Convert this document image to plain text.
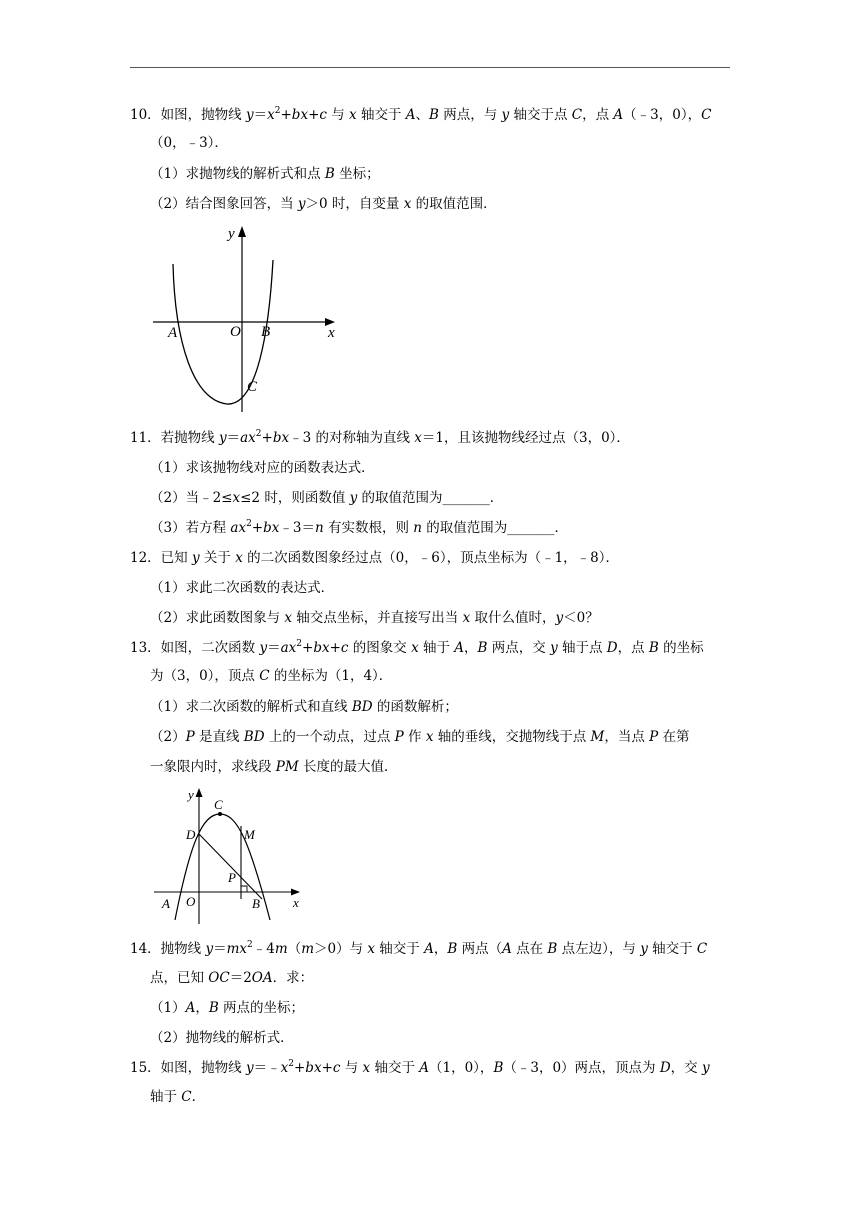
10．如图，抛物线 $y=x^2+bx+c$ 与 x 轴交于 A、B 两点，与 y 轴交于点 C，点 A（﹣3，0），C
（0，﹣3）．
（1）求抛物线的解析式和点 B 坐标；
（2）结合图象回答，当 y＞0 时，自变量 x 的取值范围．
y
x
A	O B
C
11．若抛物线 $y=ax^2+bx﹣3$ 的对称轴为直线 x＝1，且该抛物线经过点（3，0）．
（1）求该抛物线对应的函数表达式．
（2）当﹣2≤x≤2 时，则函数值 y 的取值范围为_______．
（3）若方程 $ax^2+bx﹣3=n$ 有实数根，则 n 的取值范围为_______．
12．已知 y 关于 x 的二次函数图象经过点（0，﹣6），顶点坐标为（﹣1，﹣8）．
（1）求此二次函数的表达式．
（2）求此函数图象与 x 轴交点坐标，并直接写出当 x 取什么值时，y＜0？
13．如图，二次函数 $y=ax^2+bx+c$ 的图象交 x 轴于 A，B 两点，交 y 轴于点 D，点 B 的坐标
为（3，0），顶点 C 的坐标为（1，4）．
（1）求二次函数的解析式和直线 BD 的函数解析；
（2）P 是直线 BD 上的一个动点，过点 P 作 x 轴的垂线，交抛物线于点 M，当点 P 在第
一象限内时，求线段 PM 长度的最大值．
y
C
D	M
P
A O	B	x
14．抛物线 $y=mx^2﹣4m(m>0)$与 x 轴交于 A，B 两点（A 点在 B 点左边），与 y 轴交于 C
点，已知 OC＝2OA．求：
（1）A，B 两点的坐标；
（2）抛物线的解析式．
15．如图，抛物线 $y=﹣x^2+bx+c$ 与 x 轴交于 A（1，0），B（﹣3，0）两点，顶点为 D，交 y
轴于 C．
